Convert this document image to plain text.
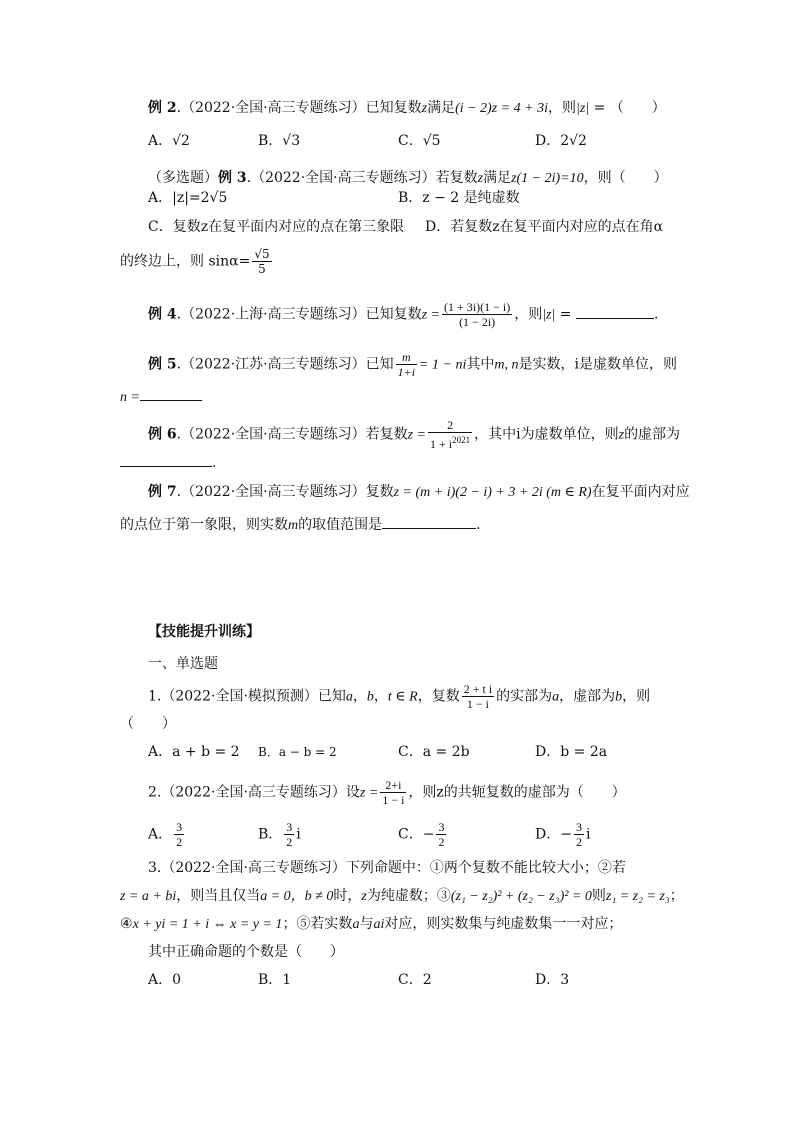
例 2.（2022·全国·高三专题练习）已知复数z满足(i − 2)z = 4 + 3i，则|z| = （　　）
A．√2	B．√3	C．√5	D．2√2
（多选题）例 3.（2022·全国·高三专题练习）若复数z满足z(1 − 2i)=10，则（　　）
A．|z|=2√5	B．z − 2 是纯虚数
C．复数z在复平面内对应的点在第三象限 D．若复数z在复平面内对应的点在角α
的终边上，则 $\sin\alpha= \frac{√5}{5}$
例 4.（2022·上海·高三专题练习）已知复数$z = \frac{(1 + 3i)(1 - i)}{(1 - 2i)}$ ，则|z| =	.
例 5.（2022·江苏·高三专题练习）已知 $\frac{m}{1+i} = 1$ − ni其中m, n是实数，i是虚数单位，则
n =
例 6.（2022·全国·高三专题练习）若复数$z = \frac{2}{1 + i^{2021}}$ ，其中i为虚数单位，则z的虚部为
.
例 7.（2022·全国·高三专题练习）复数z = (m + i)(2 − i) + 3 + 2i (m ∈ R)在复平面内对应
的点位于第一象限，则实数m的取值范围是	.
【技能提升训练】
一、单选题
1.（2022·全国·模拟预测）已知a，b，t ∈ R，复数 $\frac{\text{2 + t i}}{1 - i}$ 的实部为a，虚部为b，则
（　　）
A．a + b = 2 B．a − b = 2	C．a = 2b	D．b = 2a
2.（2022·全国·高三专题练习）设$z = \frac{2+i}{1 - i}$ ，则z的共轭复数的虚部为（　　）
A． $\frac{3}{2}$	B． $\frac{3}{2}$ i	C．− $\frac{3}{2}$	D．− $\frac{3}{2}$ i
3.（2022·全国·高三专题练习）下列命题中：①两个复数不能比较大小；②若
z = a + bi，则当且仅当a = 0，b ≠ 0时，z为纯虚数；③(z₁ − z₂)² + (z₂ − z₃)² = 0则z₁ = z₂ = z₃；
④x + yi = 1 + i ⇔ x = y = 1；⑤若实数a与ai对应，则实数集与纯虚数集一一对应；
其中正确命题的个数是（　　）
A．0	B．1	C．2	D．3
